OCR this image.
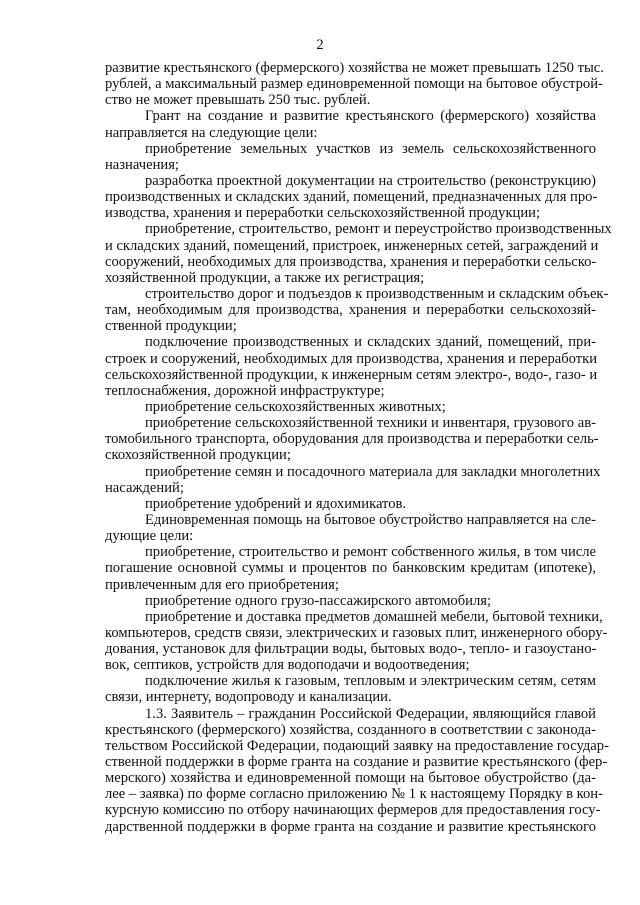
2
развитие крестьянского (фермерского) хозяйства не может превышать 1250 тыс.
рублей, а максимальный размер единовременной помощи на бытовое обустрой-
ство не может превышать 250 тыс. рублей.
Грант на создание и развитие крестьянского (фермерского) хозяйства
направляется на следующие цели:
приобретение земельных участков из земель сельскохозяйственного
назначения;
разработка проектной документации на строительство (реконструкцию)
производственных и складских зданий, помещений, предназначенных для про-
изводства, хранения и переработки сельскохозяйственной продукции;
приобретение, строительство, ремонт и переустройство производственных
и складских зданий, помещений, пристроек, инженерных сетей, заграждений и
сооружений, необходимых для производства, хранения и переработки сельско-
хозяйственной продукции, а также их регистрация;
строительство дорог и подъездов к производственным и складским объек-
там, необходимым для производства, хранения и переработки сельскохозяй-
ственной продукции;
подключение производственных и складских зданий, помещений, при-
строек и сооружений, необходимых для производства, хранения и переработки
сельскохозяйственной продукции, к инженерным сетям электро-, водо-, газо- и
теплоснабжения, дорожной инфраструктуре;
приобретение сельскохозяйственных животных;
приобретение сельскохозяйственной техники и инвентаря, грузового ав-
томобильного транспорта, оборудования для производства и переработки сель-
скохозяйственной продукции;
приобретение семян и посадочного материала для закладки многолетних
насаждений;
приобретение удобрений и ядохимикатов.
Единовременная помощь на бытовое обустройство направляется на сле-
дующие цели:
приобретение, строительство и ремонт собственного жилья, в том числе
погашение основной суммы и процентов по банковским кредитам (ипотеке),
привлеченным для его приобретения;
приобретение одного грузо-пассажирского автомобиля;
приобретение и доставка предметов домашней мебели, бытовой техники,
компьютеров, средств связи, электрических и газовых плит, инженерного обору-
дования, установок для фильтрации воды, бытовых водо-, тепло- и газоустано-
вок, септиков, устройств для водоподачи и водоотведения;
подключение жилья к газовым, тепловым и электрическим сетям, сетям
связи, интернету, водопроводу и канализации.
1.3. Заявитель – гражданин Российской Федерации, являющийся главой
крестьянского (фермерского) хозяйства, созданного в соответствии с законода-
тельством Российской Федерации, подающий заявку на предоставление государ-
ственной поддержки в форме гранта на создание и развитие крестьянского (фер-
мерского) хозяйства и единовременной помощи на бытовое обустройство (да-
лее – заявка) по форме согласно приложению № 1 к настоящему Порядку в кон-
курсную комиссию по отбору начинающих фермеров для предоставления госу-
дарственной поддержки в форме гранта на создание и развитие крестьянского
